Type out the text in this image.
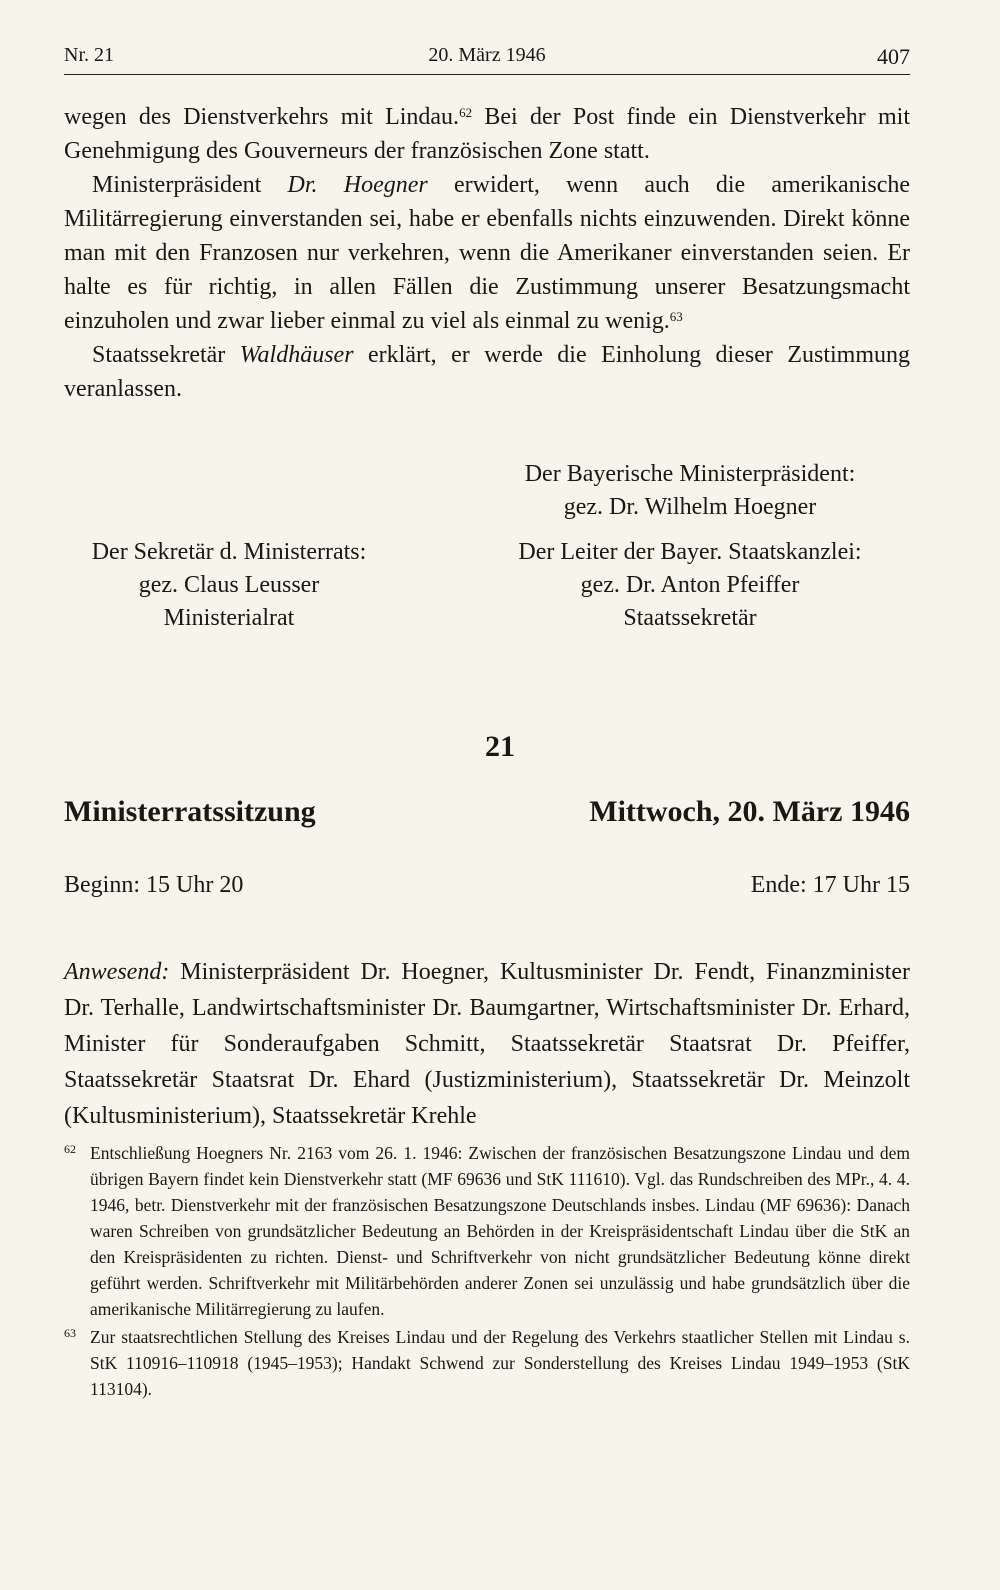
Nr. 21	20. März 1946	407

wegen des Dienstverkehrs mit Lindau.$^{62}$ Bei der Post finde ein Dienstverkehr mit Genehmigung des Gouverneurs der französischen Zone statt.

Ministerpräsident Dr. Hoegner erwidert, wenn auch die amerikanische Militärregierung einverstanden sei, habe er ebenfalls nichts einzuwenden. Direkt könne man mit den Franzosen nur verkehren, wenn die Amerikaner einverstanden seien. Er halte es für richtig, in allen Fällen die Zustimmung unserer Besatzungsmacht einzuholen und zwar lieber einmal zu viel als einmal zu wenig.$^{63}$

Staatssekretär Waldhäuser erklärt, er werde die Einholung dieser Zustimmung veranlassen.

Der Bayerische Ministerpräsident:
gez. Dr. Wilhelm Hoegner
Der Sekretär d. Ministerrats:
gez. Claus Leusser
Ministerialrat
Der Leiter der Bayer. Staatskanzlei:
gez. Dr. Anton Pfeiffer
Staatssekretär
21
Ministerratssitzung	Mittwoch, 20. März 1946
Beginn: 15 Uhr 20	Ende: 17 Uhr 15

Anwesend: Ministerpräsident Dr. Hoegner, Kultusminister Dr. Fendt, Finanzminister Dr. Terhalle, Landwirtschaftsminister Dr. Baumgartner, Wirtschaftsminister Dr. Erhard, Minister für Sonderaufgaben Schmitt, Staatssekretär Staatsrat Dr. Pfeiffer, Staatssekretär Staatsrat Dr. Ehard (Justizministerium), Staatssekretär Dr. Meinzolt (Kultusministerium), Staatssekretär Krehle

62 Entschließung Hoegners Nr. 2163 vom 26. 1. 1946: Zwischen der französischen Besatzungszone Lindau und dem übrigen Bayern findet kein Dienstverkehr statt (MF 69636 und StK 111610). Vgl. das Rundschreiben des MPr., 4. 4. 1946, betr. Dienstverkehr mit der französischen Besatzungszone Deutschlands insbes. Lindau (MF 69636): Danach waren Schreiben von grundsätzlicher Bedeutung an Behörden in der Kreispräsidentschaft Lindau über die StK an den Kreispräsidenten zu richten. Dienst- und Schriftverkehr von nicht grundsätzlicher Bedeutung könne direkt geführt werden. Schriftverkehr mit Militärbehörden anderer Zonen sei unzulässig und habe grundsätzlich über die amerikanische Militärregierung zu laufen.

63 Zur staatsrechtlichen Stellung des Kreises Lindau und der Regelung des Verkehrs staatlicher Stellen mit Lindau s. StK 110916–110918 (1945–1953); Handakt Schwend zur Sonderstellung des Kreises Lindau 1949–1953 (StK 113104).
